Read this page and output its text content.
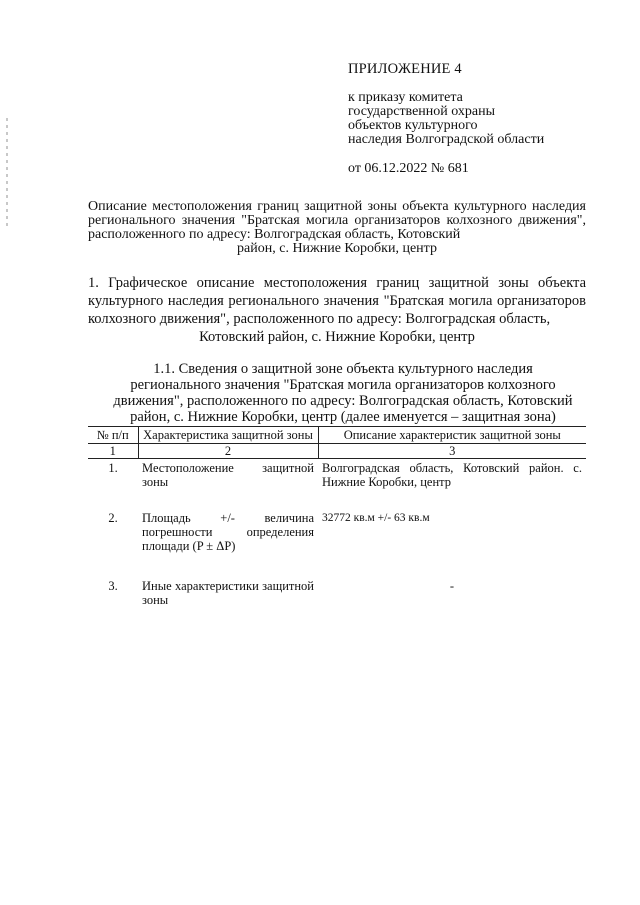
ПРИЛОЖЕНИЕ 4
к приказу комитета
государственной охраны
объектов культурного
наследия Волгоградской области
от 06.12.2022 № 681
Описание местоположения границ защитной зоны объекта культурного наследия регионального значения "Братская могила организаторов колхозного движения", расположенного по адресу: Волгоградская область, Котовский
район, с. Нижние Коробки, центр
1. Графическое описание местоположения границ защитной зоны объекта культурного наследия регионального значения "Братская могила организаторов колхозного движения", расположенного по адресу: Волгоградская область,
Котовский район, с. Нижние Коробки, центр
1.1. Сведения о защитной зоне объекта культурного наследия
регионального значения "Братская могила организаторов колхозного
движения", расположенного по адресу: Волгоградская область, Котовский
район, с. Нижние Коробки, центр (далее именуется – защитная зона)
№ п/п	Характеристика защитной зоны	Описание характеристик защитной зоны
1	2	3
1.	Местоположение защитной зоны	Волгоградская область, Котовский район. с. Нижние Коробки, центр
2.	Площадь +/- величина погрешности определения площади (P ± ΔP)	32772 кв.м +/- 63 кв.м
3.	Иные характеристики защитной зоны	-
